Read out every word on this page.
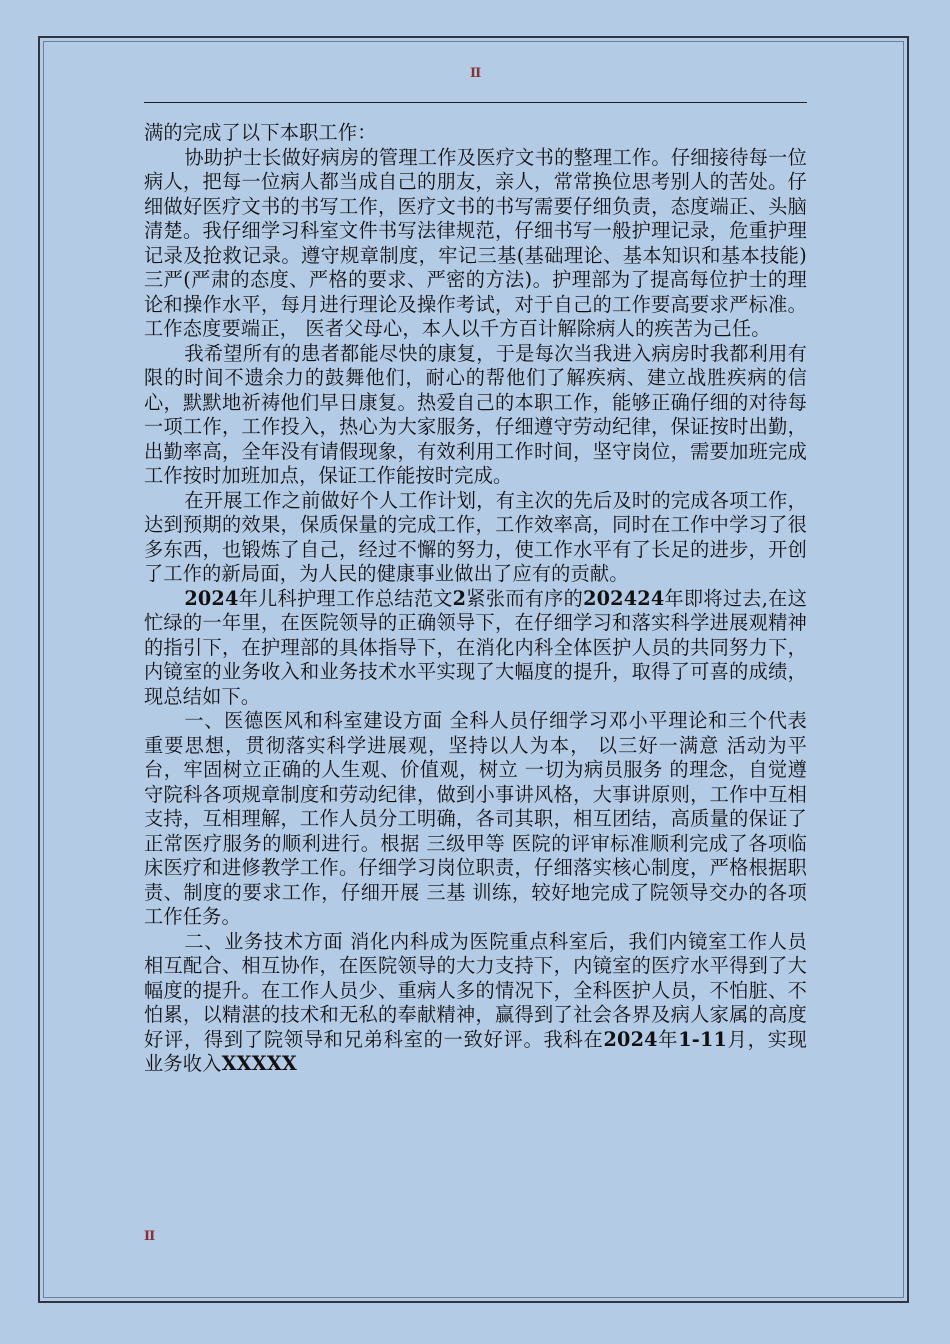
II

满的完成了以下本职工作：

协助护士长做好病房的管理工作及医疗文书的整理工作。仔细接待每一位病人，把每一位病人都当成自己的朋友，亲人，常常换位思考别人的苦处。仔细做好医疗文书的书写工作，医疗文书的书写需要仔细负责，态度端正、头脑清楚。我仔细学习科室文件书写法律规范，仔细书写一般护理记录，危重护理记录及抢救记录。遵守规章制度，牢记三基(基础理论、基本知识和基本技能)三严(严肃的态度、严格的要求、严密的方法)。护理部为了提高每位护士的理论和操作水平，每月进行理论及操作考试，对于自己的工作要高要求严标准。工作态度要端正， 医者父母心，本人以千方百计解除病人的疾苦为己任。

我希望所有的患者都能尽快的康复，于是每次当我进入病房时我都利用有限的时间不遗余力的鼓舞他们，耐心的帮他们了解疾病、建立战胜疾病的信心，默默地祈祷他们早日康复。热爱自己的本职工作，能够正确仔细的对待每一项工作，工作投入，热心为大家服务，仔细遵守劳动纪律，保证按时出勤，出勤率高，全年没有请假现象，有效利用工作时间，坚守岗位，需要加班完成工作按时加班加点，保证工作能按时完成。

在开展工作之前做好个人工作计划，有主次的先后及时的完成各项工作，达到预期的效果，保质保量的完成工作，工作效率高，同时在工作中学习了很多东西，也锻炼了自己，经过不懈的努力，使工作水平有了长足的进步，开创了工作的新局面，为人民的健康事业做出了应有的贡献。

2024年儿科护理工作总结范文2紧张而有序的202424年即将过去,在这忙绿的一年里，在医院领导的正确领导下，在仔细学习和落实科学进展观精神的指引下，在护理部的具体指导下，在消化内科全体医护人员的共同努力下，内镜室的业务收入和业务技术水平实现了大幅度的提升，取得了可喜的成绩，现总结如下。

一、医德医风和科室建设方面 全科人员仔细学习邓小平理论和三个代表 重要思想，贯彻落实科学进展观，坚持以人为本， 以三好一满意 活动为平台，牢固树立正确的人生观、价值观，树立 一切为病员服务 的理念，自觉遵守院科各项规章制度和劳动纪律，做到小事讲风格，大事讲原则，工作中互相支持，互相理解，工作人员分工明确，各司其职，相互团结，高质量的保证了正常医疗服务的顺利进行。根据 三级甲等 医院的评审标准顺利完成了各项临床医疗和进修教学工作。仔细学习岗位职责，仔细落实核心制度，严格根据职责、制度的要求工作，仔细开展 三基 训练，较好地完成了院领导交办的各项工作任务。

二、业务技术方面 消化内科成为医院重点科室后，我们内镜室工作人员相互配合、相互协作，在医院领导的大力支持下，内镜室的医疗水平得到了大幅度的提升。在工作人员少、重病人多的情况下，全科医护人员，不怕脏、不怕累，以精湛的技术和无私的奉献精神，赢得到了社会各界及病人家属的高度好评，得到了院领导和兄弟科室的一致好评。我科在2024年1-11月，实现业务收入XXXXX

II
